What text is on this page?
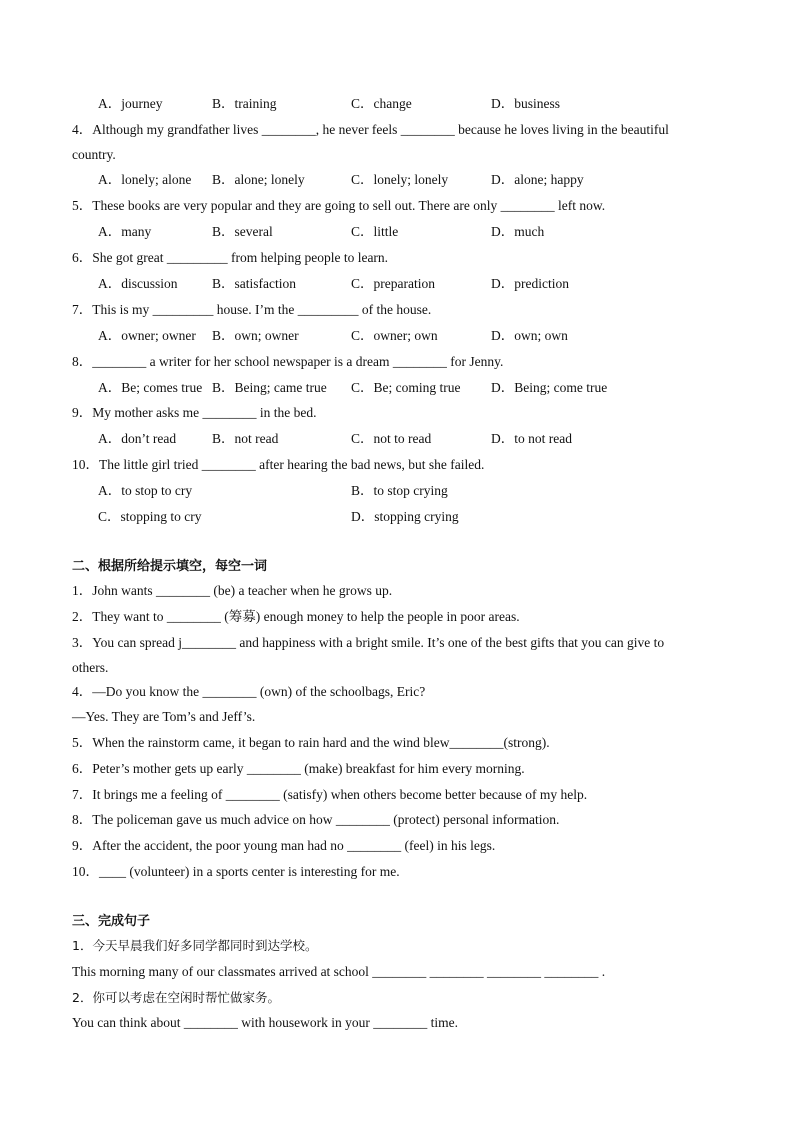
A．journey	B．training	C．change	D．business
4．Although my grandfather lives ________, he never feels ________ because he loves living in the beautiful
country.
A．lonely; alone B．alone; lonely	C．lonely; lonely	D．alone; happy
5．These books are very popular and they are going to sell out. There are only ________ left now.
A．many	B．several	C．little	D．much
6．She got great _________ from helping people to learn.
A．discussion	B．satisfaction	C．preparation	D．prediction
7．This is my _________ house. I’m the _________ of the house.
A．owner; owner B．own; owner	C．owner; own	D．own; own
8．________ a writer for her school newspaper is a dream ________ for Jenny.
A．Be; comes true B．Being; came true C．Be; coming true D．Being; come true
9．My mother asks me ________ in the bed.
A．don’t read	B．not read	C．not to read	D．to not read
10．The little girl tried ________ after hearing the bad news, but she failed.
A．to stop to cry	B．to stop crying
C．stopping to cry	D．stopping crying
二、根据所给提示填空，每空一词
1．John wants ________ (be) a teacher when he grows up.
2．They want to ________ (筹募) enough money to help the people in poor areas.
3．You can spread j________ and happiness with a bright smile. It’s one of the best gifts that you can give to
others.
4．—Do you know the ________ (own) of the schoolbags, Eric?
—Yes. They are Tom’s and Jeff’s.
5．When the rainstorm came, it began to rain hard and the wind blew________(strong).
6．Peter’s mother gets up early ________ (make) breakfast for him every morning.
7．It brings me a feeling of ________ (satisfy) when others become better because of my help.
8．The policeman gave us much advice on how ________ (protect) personal information.
9．After the accident, the poor young man had no ________ (feel) in his legs.
10．____ (volunteer) in a sports center is interesting for me.
三、完成句子
1．今天早晨我们好多同学都同时到达学校。
This morning many of our classmates arrived at school ________ ________ ________ ________ .
2．你可以考虑在空闲时帮忙做家务。
You can think about ________ with housework in your ________ time.
